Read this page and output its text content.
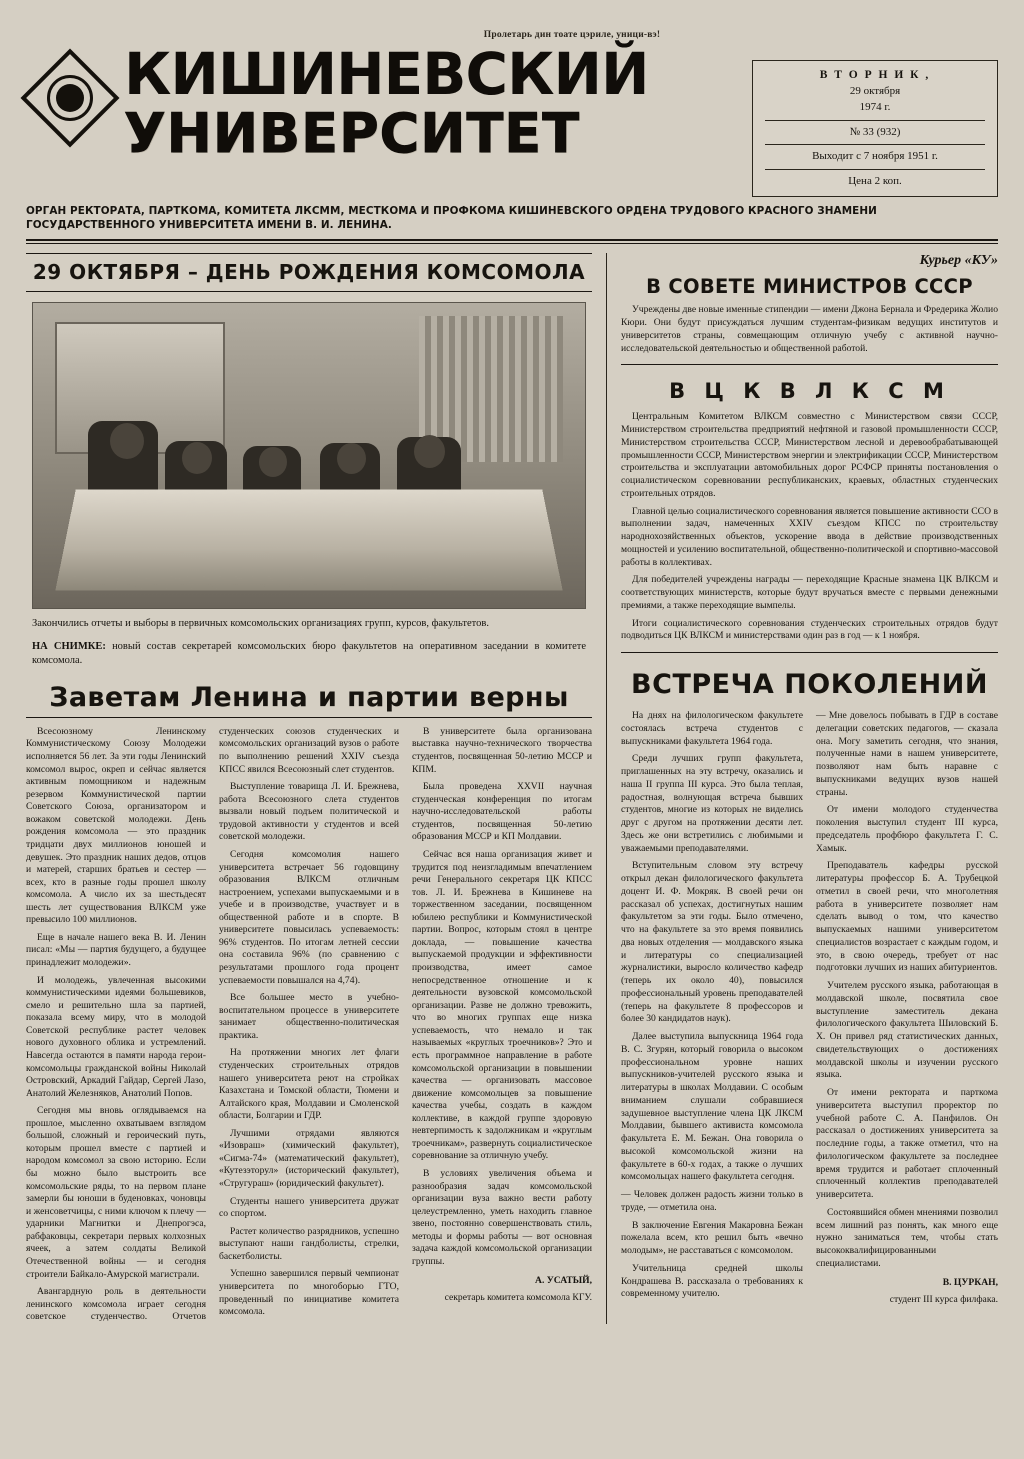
Пролетарь дин тоате цэриле, уници-вэ!
КИШИНЕВСКИЙ
УНИВЕРСИТЕТ
В Т О Р Н И К ,
29 октября
1974 г.
№ 33 (932)
Выходит с 7 ноября 1951 г.
Цена 2 коп.
ОРГАН РЕКТОРАТА, ПАРТКОМА, КОМИТЕТА ЛКСММ, МЕСТКОМА И ПРОФКОМА КИШИНЕВСКОГО ОРДЕНА ТРУДОВОГО КРАСНОГО ЗНАМЕНИ ГОСУДАРСТВЕННОГО УНИВЕРСИТЕТА ИМЕНИ В. И. ЛЕНИНА.
29 ОКТЯБРЯ – ДЕНЬ РОЖДЕНИЯ КОМСОМОЛА
Закончились отчеты и выборы в первичных комсомольских организациях групп, курсов, факультетов.
НА СНИМКЕ: новый состав секретарей комсомольских бюро факультетов на оперативном заседании в комитете комсомола.
Заветам Ленина и партии верны

Всесоюзному Ленинскому Коммунистическому Союзу Молодежи исполняется 56 лет. За эти годы Ленинский комсомол вырос, окреп и сейчас является активным помощником и надежным резервом Коммунистической партии Советского Союза, организатором и вожаком советской молодежи. День рождения комсомола — это праздник тридцати двух миллионов юношей и девушек. Это праздник наших дедов, отцов и матерей, старших братьев и сестер — всех, кто в разные годы прошел школу комсомола. А число их за шестьдесят шесть лет существования ВЛКСМ уже превысило 100 миллионов.

Еще в начале нашего века В. И. Ленин писал: «Мы — партия будущего, а будущее принадлежит молодежи».

И молодежь, увлеченная высокими коммунистическими идеями большевиков, смело и решительно шла за партией, показала всему миру, что в молодой Советской республике растет человек нового духовного облика и устремлений. Навсегда остаются в памяти народа герои-комсомольцы гражданской войны Николай Островский, Аркадий Гайдар, Сергей Лазо, Анатолий Железняков, Анатолий Попов.

Сегодня мы вновь оглядываемся на прошлое, мысленно охватываем взглядом большой, сложный и героический путь, которым прошел вместе с партией и народом комсомол за свою историю. Если бы можно было выстроить все комсомольские ряды, то на первом плане замерли бы юноши в буденовках, чоновцы и женсоветчицы, с ними ключом к плечу — ударники Магнитки и Днепрогэса, рабфаковцы, секретари первых колхозных ячеек, а затем солдаты Великой Отечественной войны — и сегодня строители Байкало-Амурской магистрали.

Авангардную роль в деятельности ленинского комсомола играет сегодня советское студенчество. Отчетов студенческих союзов студенческих и комсомольских организаций вузов о работе по выполнению решений XXIV съезда КПСС явился Всесоюзный слет студентов.

Выступление товарища Л. И. Брежнева, работа Всесоюзного слета студентов вызвали новый подъем политической и трудовой активности у студентов и всей советской молодежи.

Сегодня комсомолия нашего университета встречает 56 годовщину образования ВЛКСМ отличным настроением, успехами выпускаемыми и в учебе и в производстве, участвует и в общественной работе и в спорте. В университете повысилась успеваемость: 96% студентов. По итогам летней сессии она составила 96% (по сравнению с результатами прошлого года процент успеваемости повышался на 4,74).

Все большее место в учебно-воспитательном процессе в университете занимает общественно-политическая практика.

На протяжении многих лет флаги студенческих строительных отрядов нашего университета реют на стройках Казахстана и Томской области, Тюмени и Алтайского края, Молдавии и Смоленской области, Болгарии и ГДР.

Лучшими отрядами являются «Изовраш» (химический факультет), «Сигма-74» (математический факультет), «Кутезэторул» (исторический факультет), «Стругураш» (юридический факультет).

Студенты нашего университета дружат со спортом.

Растет количество разрядников, успешно выступают наши гандболисты, стрелки, баскетболисты.

Успешно завершился первый чемпионат университета по многоборью ГТО, проведенный по инициативе комитета комсомола.

В университете была организована выставка научно-технического творчества студентов, посвященная 50-летию МССР и КПМ.

Была проведена XXVII научная студенческая конференция по итогам научно-исследовательской работы студентов, посвященная 50-летию образования МССР и КП Молдавии.

Сейчас вся наша организация живет и трудится под неизгладимым впечатлением речи Генерального секретаря ЦК КПСС тов. Л. И. Брежнева в Кишиневе на торжественном заседании, посвященном юбилею республики и Коммунистической партии. Вопрос, которым стоял в центре доклада, — повышение качества выпускаемой продукции и эффективности производства, имеет самое непосредственное отношение и к деятельности вузовской комсомольской организации. Разве не должно тревожить, что во многих группах еще низка успеваемость, что немало и так называемых «круглых троечников»? Это и есть программное направление в работе комсомольской организации в повышении качества — организовать массовое движение комсомольцев за повышение качества учебы, создать в каждом коллективе, в каждой группе здоровую невтерпимость к задолжникам и «круглым троечникам», развернуть социалистическое соревнование за отличную учебу.

В условиях увеличения объема и разнообразия задач комсомольской организации вуза важно вести работу целеустремленно, уметь находить главное звено, постоянно совершенствовать стиль, методы и формы работы — вот основная задача каждой комсомольской организации группы.

А. УСАТЫЙ,

секретарь комитета комсомола КГУ.

Курьер «КУ»
В СОВЕТЕ МИНИСТРОВ СССР

Учреждены две новые именные стипендии — имени Джона Бернала и Фредерика Жолио Кюри. Они будут присуждаться лучшим студентам-физикам ведущих институтов и университетов страны, совмещающим отличную учебу с активной научно-исследовательской деятельностью и общественной работой.

В Ц К В Л К С М

Центральным Комитетом ВЛКСМ совместно с Министерством связи СССР, Министерством строительства предприятий нефтяной и газовой промышленности СССР, Министерством строительства СССР, Министерством лесной и деревообрабатывающей промышленности СССР, Министерством энергии и электрификации СССР, Министерством строительства и эксплуатации автомобильных дорог РСФСР приняты постановления о социалистическом соревновании республиканских, краевых, областных студенческих строительных отрядов.

Главной целью социалистического соревнования является повышение активности ССО в выполнении задач, намеченных XXIV съездом КПСС по строительству народнохозяйственных объектов, ускорение ввода в действие производственных мощностей и усилению воспитательной, общественно-политической и спортивно-массовой работы в коллективах.

Для победителей учреждены награды — переходящие Красные знамена ЦК ВЛКСМ и соответствующих министерств, которые будут вручаться вместе с первыми денежными премиями, а также переходящие вымпелы.

Итоги социалистического соревнования студенческих строительных отрядов будут подводиться ЦК ВЛКСМ и министерствами один раз в год — к 1 ноября.

ВСТРЕЧА ПОКОЛЕНИЙ

На днях на филологическом факультете состоялась встреча студентов с выпускниками факультета 1964 года.

Среди лучших групп факультета, приглашенных на эту встречу, оказались и наша II группа III курса. Это была теплая, радостная, волнующая встреча бывших студентов, многие из которых не виделись друг с другом на протяжении десяти лет. Здесь же они встретились с любимыми и уважаемыми преподавателями.

Вступительным словом эту встречу открыл декан филологического факультета доцент И. Ф. Мокряк. В своей речи он рассказал об успехах, достигнутых нашим факультетом за эти годы. Было отмечено, что на факультете за это время появились два новых отделения — молдавского языка и литературы со специализацией журналистики, выросло количество кафедр (теперь их около 40), повысился профессиональный уровень преподавателей (теперь на факультете 8 профессоров и более 30 кандидатов наук).

Далее выступила выпускница 1964 года В. С. Згурян, который говорила о высоком профессиональном уровне наших выпускников-учителей русского языка и литературы в школах Молдавии. С особым вниманием слушали собравшиеся задушевное выступление члена ЦК ЛКСМ Молдавии, бывшего активиста комсомола факультета Е. М. Бежан. Она говорила о высокой комсомольской жизни на факультете в 60-х годах, а также о лучших комсомольцах нашего факультета сегодня.

— Человек должен радость жизни только в труде, — отметила она.

В заключение Евгения Макаровна Бежан пожелала всем, кто решил быть «вечно молодым», не расставаться с комсомолом.

Учительница средней школы Кондрашева В. рассказала о требованиях к современному учителю.

— Мне довелось побывать в ГДР в составе делегации советских педагогов, — сказала она. Могу заметить сегодня, что знания, полученные нами в нашем университете, позволяют нам быть наравне с выпускниками ведущих вузов нашей страны.

От имени молодого студенчества поколения выступил студент III курса, председатель профбюро факультета Г. С. Хамык.

Преподаватель кафедры русской литературы профессор Б. А. Трубецкой отметил в своей речи, что многолетняя работа в университете позволяет нам сделать вывод о том, что качество выпускаемых нашими университетом специалистов возрастает с каждым годом, и это, в свою очередь, требует от нас подготовки лучших из наших абитуриентов.

Учителем русского языка, работающая в молдавской школе, посвятила свое выступление заместитель декана филологического факультета Шиловский Б. Х. Он привел ряд статистических данных, свидетельствующих о достижениях молдавской школы и изучении русского языка.

От имени ректората и парткома университета выступил проректор по учебной работе С. А. Панфилов. Он рассказал о достижениях университета за последние годы, а также отметил, что на филологическом факультете за последнее время трудится и работает сплоченный сплоченный коллектив преподавателей университета.

Состоявшийся обмен мнениями позволил всем лишний раз понять, как много еще нужно заниматься тем, чтобы стать высококвалифицированными специалистами.

В. ЦУРКАН,

студент III курса филфака.
